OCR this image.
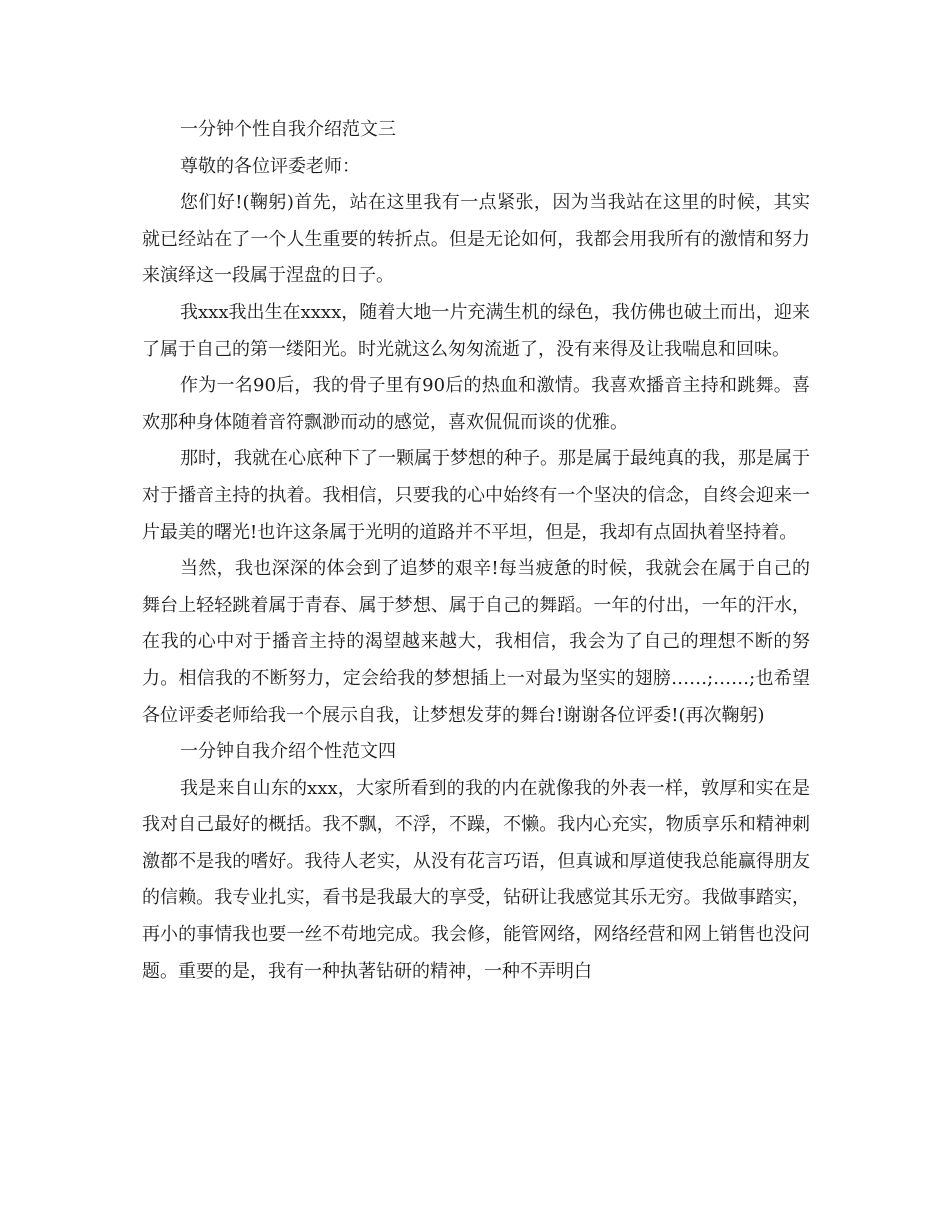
一分钟个性自我介绍范文三

尊敬的各位评委老师：

您们好!(鞠躬)首先，站在这里我有一点紧张，因为当我站在这里的时候，其实就已经站在了一个人生重要的转折点。但是无论如何，我都会用我所有的激情和努力来演绎这一段属于涅盘的日子。

我xxx我出生在xxxx，随着大地一片充满生机的绿色，我仿佛也破土而出，迎来了属于自己的第一缕阳光。时光就这么匆匆流逝了，没有来得及让我喘息和回味。

作为一名90后，我的骨子里有90后的热血和激情。我喜欢播音主持和跳舞。喜欢那种身体随着音符飘渺而动的感觉，喜欢侃侃而谈的优雅。

那时，我就在心底种下了一颗属于梦想的种子。那是属于最纯真的我，那是属于对于播音主持的执着。我相信，只要我的心中始终有一个坚决的信念，自终会迎来一片最美的曙光!也许这条属于光明的道路并不平坦，但是，我却有点固执着坚持着。

当然，我也深深的体会到了追梦的艰辛!每当疲惫的时候，我就会在属于自己的舞台上轻轻跳着属于青春、属于梦想、属于自己的舞蹈。一年的付出，一年的汗水，在我的心中对于播音主持的渴望越来越大，我相信，我会为了自己的理想不断的努力。相信我的不断努力，定会给我的梦想插上一对最为坚实的翅膀……;……;也希望各位评委老师给我一个展示自我，让梦想发芽的舞台!谢谢各位评委!(再次鞠躬)

一分钟自我介绍个性范文四

我是来自山东的xxx，大家所看到的我的内在就像我的外表一样，敦厚和实在是我对自己最好的概括。我不飘，不浮，不躁，不懒。我内心充实，物质享乐和精神刺激都不是我的嗜好。我待人老实，从没有花言巧语，但真诚和厚道使我总能赢得朋友的信赖。我专业扎实，看书是我最大的享受，钻研让我感觉其乐无穷。我做事踏实，再小的事情我也要一丝不苟地完成。我会修，能管网络，网络经营和网上销售也没问题。重要的是，我有一种执著钻研的精神，一种不弄明白
